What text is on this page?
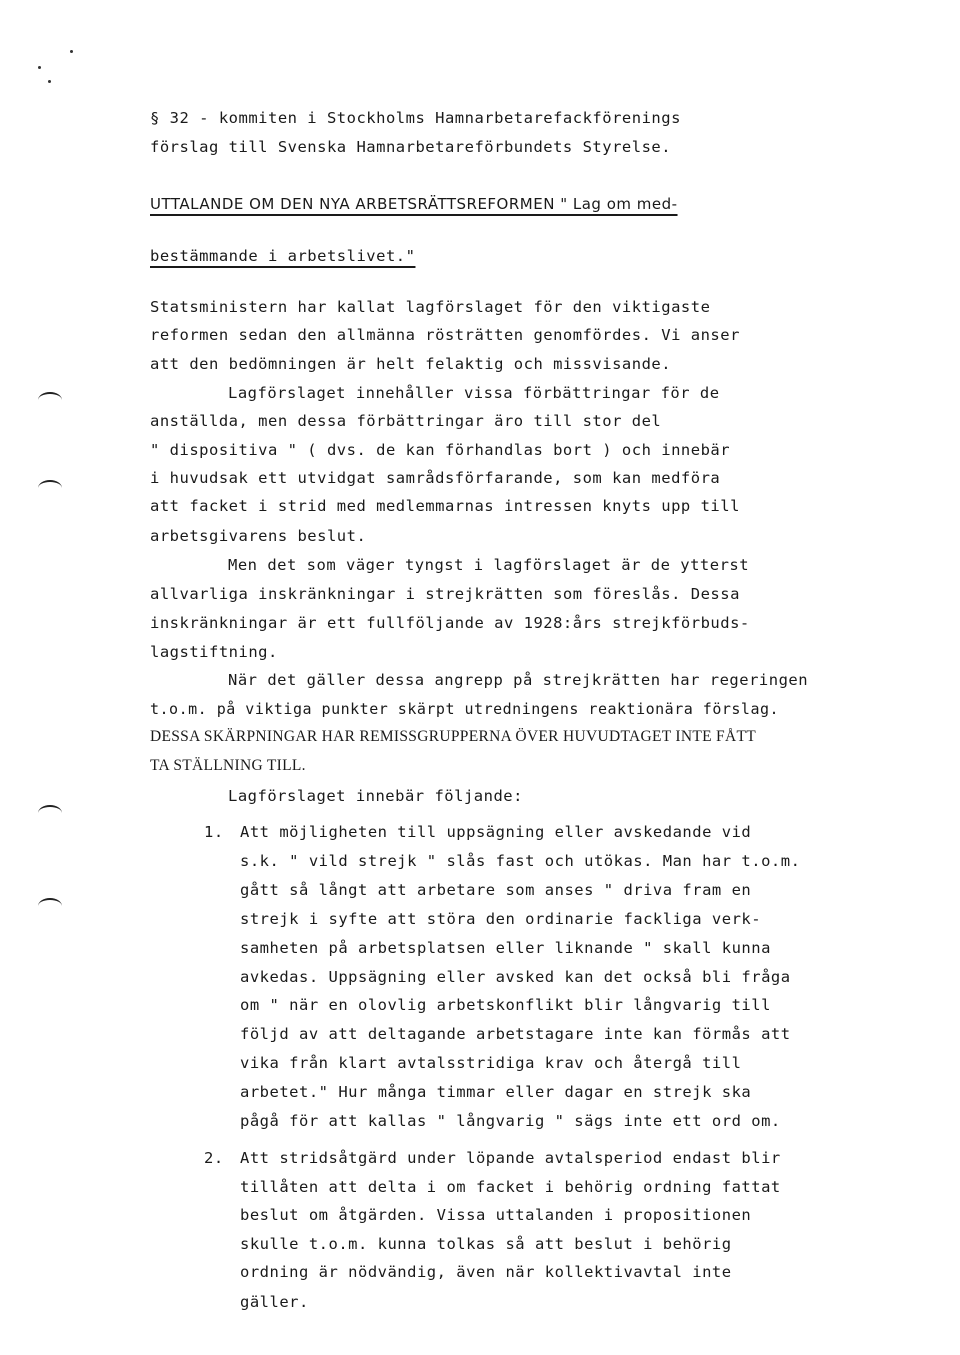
§ 32 - kommiten i Stockholms Hamnarbetarefackförenings
förslag till Svenska Hamnarbetareförbundets Styrelse.
UTTALANDE OM DEN NYA ARBETSRÄTTSREFORMEN " Lag om med-
bestämmande i arbetslivet."
Statsministern har kallat lagförslaget för den viktigaste
reformen sedan den allmänna rösträtten genomfördes. Vi anser
att den bedömningen är helt felaktig och missvisande.
Lagförslaget innehåller vissa förbättringar för de
anställda, men dessa förbättringar äro till stor del
" dispositiva " ( dvs. de kan förhandlas bort ) och innebär
i huvudsak ett utvidgat samrådsförfarande, som kan medföra
att facket i strid med medlemmarnas intressen knyts upp till
arbetsgivarens beslut.
Men det som väger tyngst i lagförslaget är de ytterst
allvarliga inskränkningar i strejkrätten som föreslås. Dessa
inskränkningar är ett fullföljande av 1928:års strejkförbuds-
lagstiftning.
När det gäller dessa angrepp på strejkrätten har regeringen
t.o.m. på viktiga punkter skärpt utredningens reaktionära förslag.
DESSA SKÄRPNINGAR HAR REMISSGRUPPERNA ÖVER HUVUDTAGET INTE FÅTT
TA STÄLLNING TILL.
Lagförslaget innebär följande:
1. Att möjligheten till uppsägning eller avskedande vid
s.k. " vild strejk " slås fast och utökas. Man har t.o.m.
gått så långt att arbetare som anses " driva fram en
strejk i syfte att störa den ordinarie fackliga verk-
samheten på arbetsplatsen eller liknande " skall kunna
avkedas. Uppsägning eller avsked kan det också bli fråga
om " när en olovlig arbetskonflikt blir långvarig till
följd av att deltagande arbetstagare inte kan förmås att
vika från klart avtalsstridiga krav och återgå till
arbetet." Hur många timmar eller dagar en strejk ska
pågå för att kallas " långvarig " sägs inte ett ord om.
2. Att stridsåtgärd under löpande avtalsperiod endast blir
tillåten att delta i om facket i behörig ordning fattat
beslut om åtgärden. Vissa uttalanden i propositionen
skulle t.o.m. kunna tolkas så att beslut i behörig
ordning är nödvändig, även när kollektivavtal inte
gäller.
